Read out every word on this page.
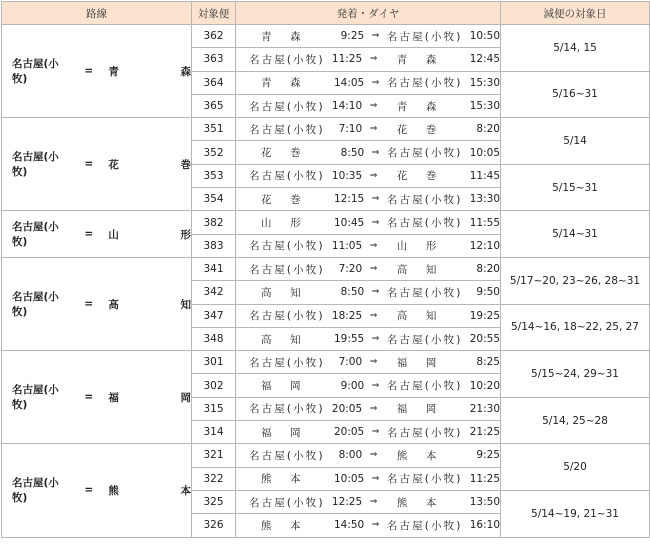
路線	対象便	発着・ダイヤ	減便の対象日

名古屋(小牧)
= 青　森	362	青　森 9:25 ⇒ 名古屋(小牧) 10:50	5/14, 15
	363	名古屋(小牧) 11:25 ⇒ 青　森 12:45	

	364	青　森 14:05 ⇒ 名古屋(小牧) 15:30	5/16~31
	365	名古屋(小牧) 14:10 ⇒ 青　森 15:30	

名古屋(小牧)
= 花　巻	351	名古屋(小牧) 7:10 ⇒ 花　巻 8:20	5/14
	352	花　巻 8:50 ⇒ 名古屋(小牧) 10:05	

	353	名古屋(小牧) 10:35 ⇒ 花　巻 11:45	5/15~31
	354	花　巻 12:15 ⇒ 名古屋(小牧) 13:30	

名古屋(小牧)
= 山　形	382	山　形 10:45 ⇒ 名古屋(小牧) 11:55	5/14~31
	383	名古屋(小牧) 11:05 ⇒ 山　形 12:10	

名古屋(小牧)
= 高　知	341	名古屋(小牧) 7:20 ⇒ 高　知 8:20	5/17~20, 23~26, 28~31
	342	高　知 8:50 ⇒ 名古屋(小牧) 9:50	

	347	名古屋(小牧) 18:25 ⇒ 高　知 19:25	5/14~16, 18~22, 25, 27
	348	高　知 19:55 ⇒ 名古屋(小牧) 20:55	

名古屋(小牧)
= 福　岡	301	名古屋(小牧) 7:00 ⇒ 福　岡 8:25	5/15~24, 29~31
	302	福　岡 9:00 ⇒ 名古屋(小牧) 10:20	

	315	名古屋(小牧) 20:05 ⇒ 福　岡 21:30	5/14, 25~28
	314	福　岡 20:05 ⇒ 名古屋(小牧) 21:25	

名古屋(小牧)
= 熊　本	321	名古屋(小牧) 8:00 ⇒ 熊　本 9:25	5/20
	322	熊　本 10:05 ⇒ 名古屋(小牧) 11:25	

	325	名古屋(小牧) 12:25 ⇒ 熊　本 13:50	5/14~19, 21~31
	326	熊　本 14:50 ⇒ 名古屋(小牧) 16:10	
